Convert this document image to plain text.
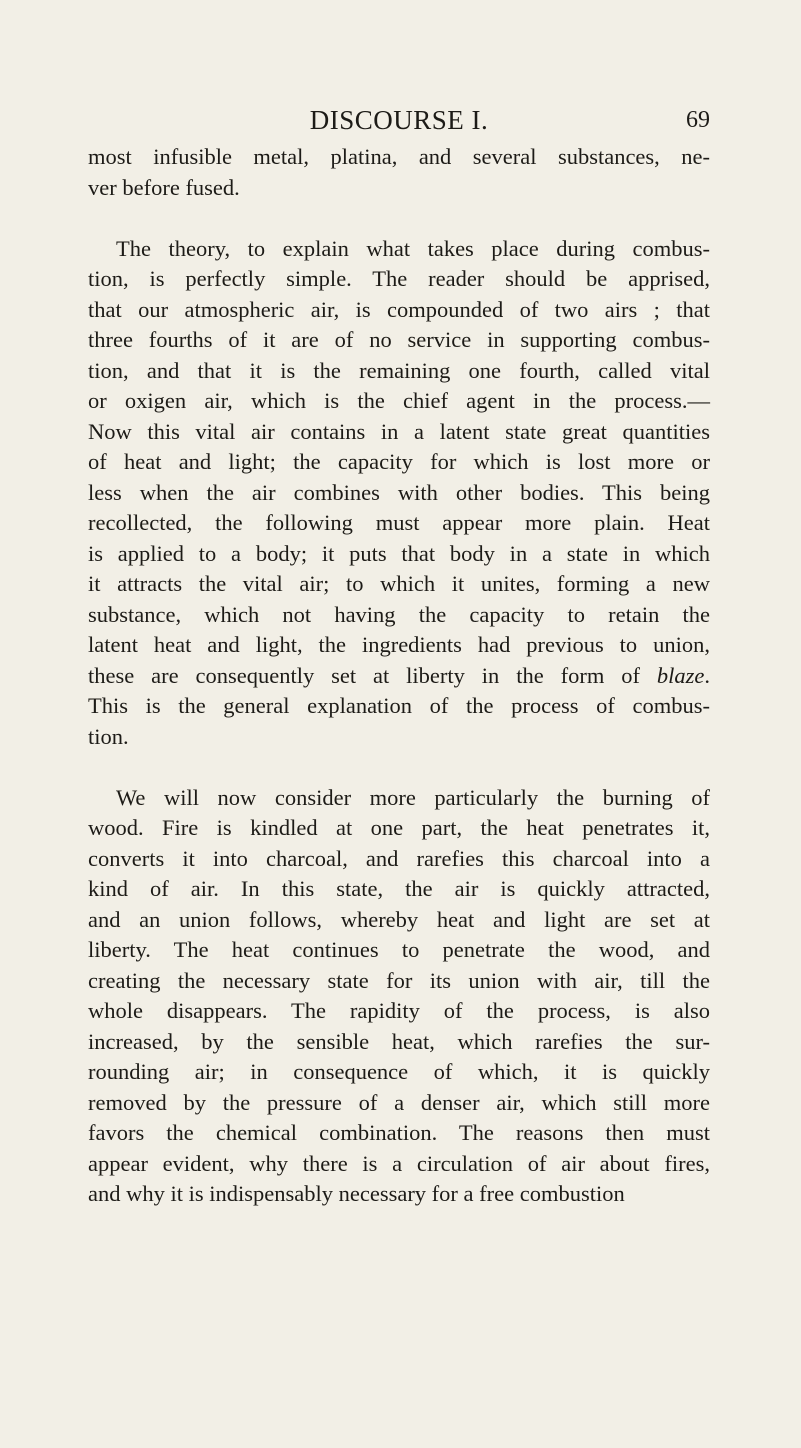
DISCOURSE I.	69
most infusible metal, platina, and several substances, ne-
ver before fused.
The theory, to explain what takes place during combus-
tion, is perfectly simple. The reader should be apprised,
that our atmospheric air, is compounded of two airs ; that
three fourths of it are of no service in supporting combus-
tion, and that it is the remaining one fourth, called vital
or oxigen air, which is the chief agent in the process.—
Now this vital air contains in a latent state great quantities
of heat and light; the capacity for which is lost more or
less when the air combines with other bodies. This being
recollected, the following must appear more plain. Heat
is applied to a body; it puts that body in a state in which
it attracts the vital air; to which it unites, forming a new
substance, which not having the capacity to retain the
latent heat and light, the ingredients had previous to union,
these are consequently set at liberty in the form of blaze.
This is the general explanation of the process of combus-
tion.
We will now consider more particularly the burning of
wood. Fire is kindled at one part, the heat penetrates it,
converts it into charcoal, and rarefies this charcoal into a
kind of air. In this state, the air is quickly attracted,
and an union follows, whereby heat and light are set at
liberty. The heat continues to penetrate the wood, and
creating the necessary state for its union with air, till the
whole disappears. The rapidity of the process, is also
increased, by the sensible heat, which rarefies the sur-
rounding air; in consequence of which, it is quickly
removed by the pressure of a denser air, which still more
favors the chemical combination. The reasons then must
appear evident, why there is a circulation of air about fires,
and why it is indispensably necessary for a free combustion
